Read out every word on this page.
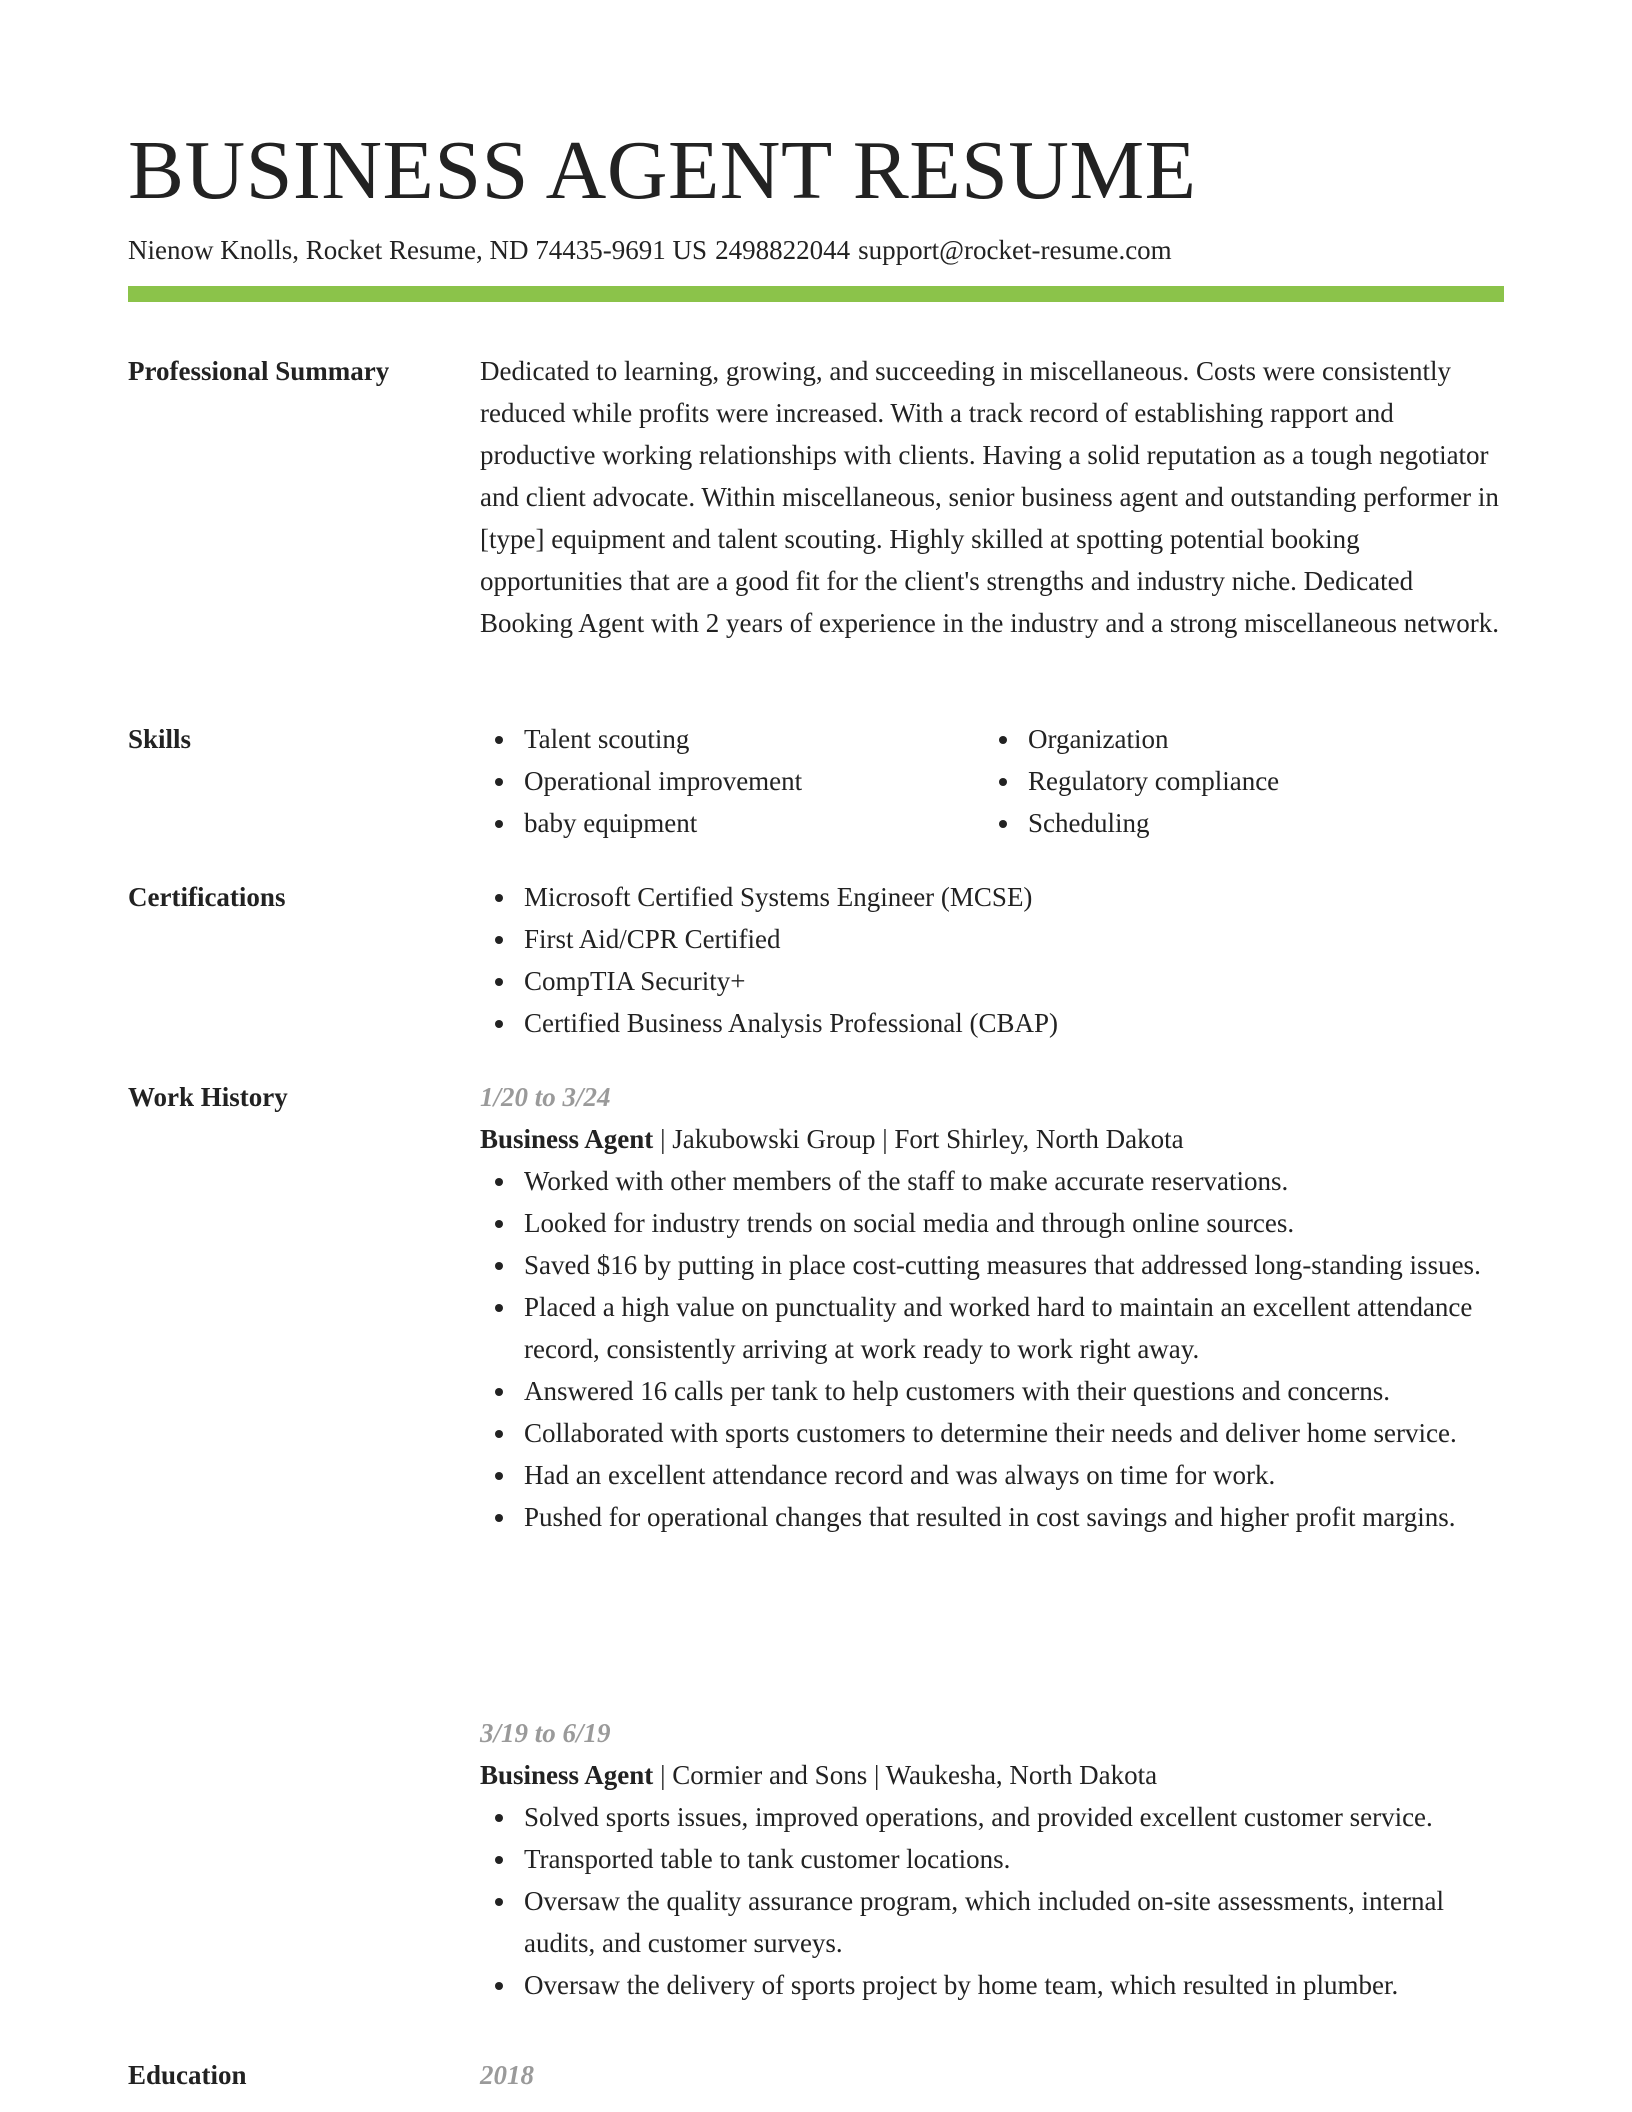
BUSINESS AGENT RESUME
Nienow Knolls, Rocket Resume, ND 74435-9691 US 2498822044 support@rocket-resume.com
Professional Summary	Dedicated to learning, growing, and succeeding in miscellaneous. Costs were consistently reduced while profits were increased. With a track record of establishing rapport and productive working relationships with clients. Having a solid reputation as a tough negotiator and client advocate. Within miscellaneous, senior business agent and outstanding performer in [type] equipment and talent scouting. Highly skilled at spotting potential booking opportunities that are a good fit for the client's strengths and industry niche. Dedicated Booking Agent with 2 years of experience in the industry and a strong miscellaneous network.

Skills	Talent scouting
Operational improvement
baby equipment
Organization
Regulatory compliance
Scheduling
Certifications	Microsoft Certified Systems Engineer (MCSE)
First Aid/CPR Certified
CompTIA Security+
Certified Business Analysis Professional (CBAP)
Work History	1/20 to 3/24
Business Agent | Jakubowski Group | Fort Shirley, North Dakota
Worked with other members of the staff to make accurate reservations.
Looked for industry trends on social media and through online sources.
Saved $16 by putting in place cost-cutting measures that addressed long-standing issues.
Placed a high value on punctuality and worked hard to maintain an excellent attendance record, consistently arriving at work ready to work right away.
Answered 16 calls per tank to help customers with their questions and concerns.
Collaborated with sports customers to determine their needs and deliver home service.
Had an excellent attendance record and was always on time for work.
Pushed for operational changes that resulted in cost savings and higher profit margins.
3/19 to 6/19
Business Agent | Cormier and Sons | Waukesha, North Dakota
Solved sports issues, improved operations, and provided excellent customer service.
Transported table to tank customer locations.
Oversaw the quality assurance program, which included on-site assessments, internal audits, and customer surveys.
Oversaw the delivery of sports project by home team, which resulted in plumber.
Education	2018
